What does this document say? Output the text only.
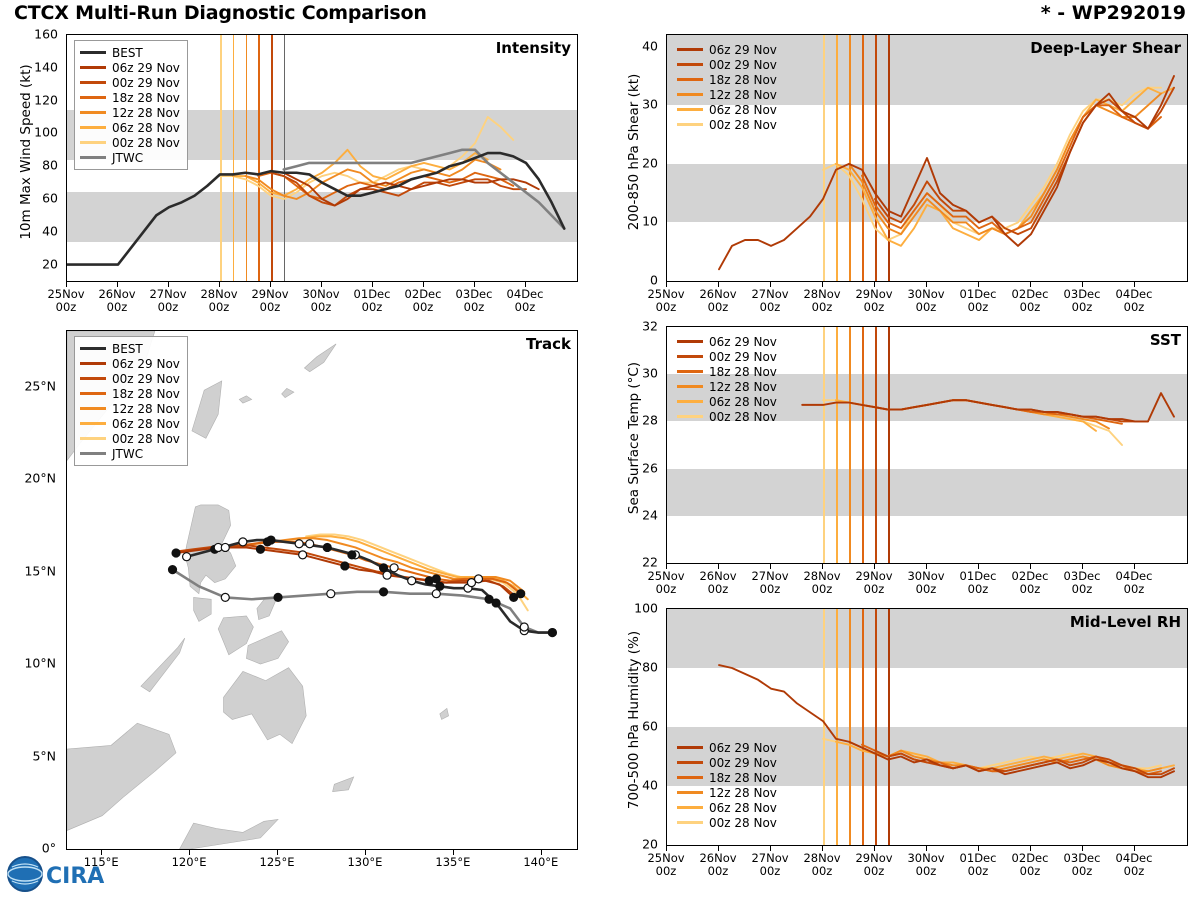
CTCX Multi-Run Diagnostic Comparison	* - WP292019
10m Max Wind Speed (kt)
20
40
60
80
100
120
140
160
Intensity
25Nov
00z
26Nov
00z
27Nov
00z
28Nov
00z
29Nov
00z
30Nov
00z
01Dec
00z
02Dec
00z
03Dec
00z
04Dec
00z
BEST
06z 29 Nov
00z 29 Nov
18z 28 Nov
12z 28 Nov
06z 28 Nov
00z 28 Nov
JTWC
0°
5°N
10°N
15°N
20°N
25°N
Track
115°E	120°E	125°E	130°E	135°E	140°E
BEST
06z 29 Nov
00z 29 Nov
18z 28 Nov
12z 28 Nov
06z 28 Nov
00z 28 Nov
JTWC
200-850 hPa Shear (kt)
0
10
20
30
40	Deep-Layer Shear
25Nov
00z
26Nov
00z
27Nov
00z
28Nov
00z
29Nov
00z
30Nov
00z
01Dec
00z
02Dec
00z
03Dec
00z
04Dec
00z
06z 29 Nov
00z 29 Nov
18z 28 Nov
12z 28 Nov
06z 28 Nov
00z 28 Nov
Sea Surface Temp (°C)
22
24
26
28
30
32
SST
25Nov
00z
26Nov
00z
27Nov
00z
28Nov
00z
29Nov
00z
30Nov
00z
01Dec
00z
02Dec
00z
03Dec
00z
04Dec
00z
06z 29 Nov
00z 29 Nov
18z 28 Nov
12z 28 Nov
06z 28 Nov
00z 28 Nov
700-500 hPa Humidity (%)
20
40
60
80
100
Mid-Level RH
25Nov
00z
26Nov
00z
27Nov
00z
28Nov
00z
29Nov
00z
30Nov
00z
01Dec
00z
02Dec
00z
03Dec
00z
04Dec
00z
06z 29 Nov
00z 29 Nov
18z 28 Nov
12z 28 Nov
06z 28 Nov
00z 28 Nov
CIRA
